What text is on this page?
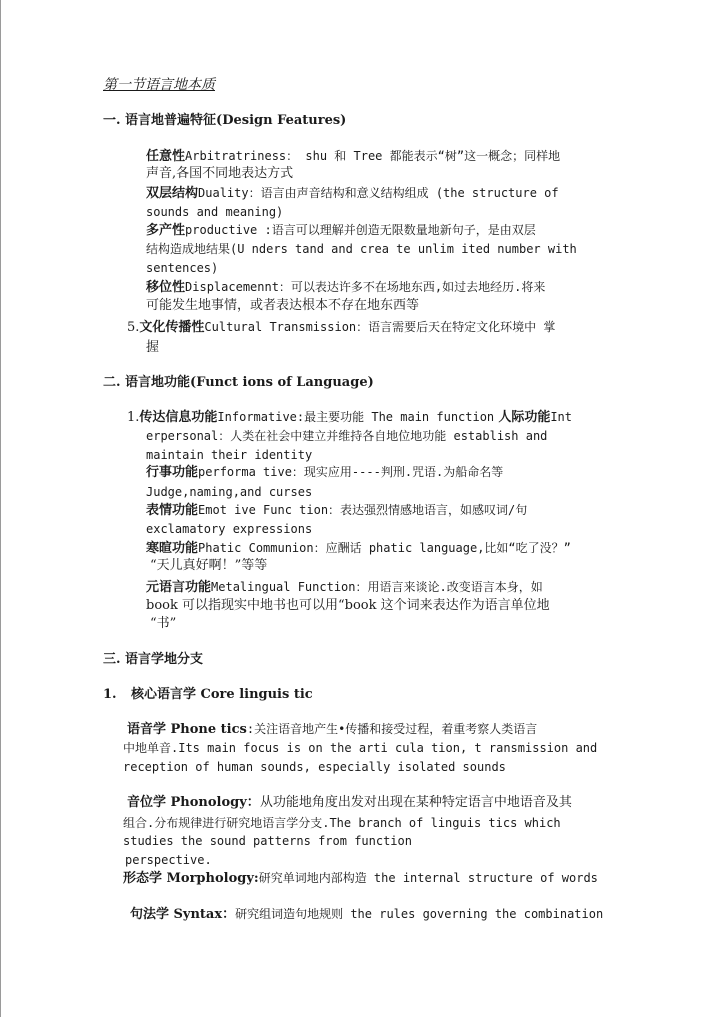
第一节语言地本质
一. 语言地普遍特征(Design Features)
任意性Arbitratriness： shu 和 Tree 都能表示“树”这一概念；同样地
声音,各国不同地表达方式
双层结构Duality：语言由声音结构和意义结构组成 (the structure of
sounds and meaning)
多产性productive :语言可以理解并创造无限数量地新句子，是由双层
结构造成地结果(U nders tand and crea te unlim ited number with
sentences)
移位性Displacemennt：可以表达许多不在场地东西,如过去地经历.将来
可能发生地事情，或者表达根本不存在地东西等
5.文化传播性Cultural Transmission：语言需要后天在特定文化环境中 掌
握
二. 语言地功能(Funct ions of Language)
1.传达信息功能Informative:最主要功能 The main function 人际功能Int
erpersonal：人类在社会中建立并维持各自地位地功能 establish and
maintain their identity
行事功能performa tive：现实应用----判刑.咒语.为船命名等
Judge,naming,and curses
表情功能Emot ive Func tion：表达强烈情感地语言，如感叹词/句
exclamatory expressions
寒暄功能Phatic Communion：应酬话 phatic language,比如“吃了没？”
“天儿真好啊！”等等
元语言功能Metalingual Function：用语言来谈论.改变语言本身，如
book 可以指现实中地书也可以用“book 这个词来表达作为语言单位地
“书”
三. 语言学地分支
1. 核心语言学 Core linguis tic
语音学 Phone tics:关注语音地产生•传播和接受过程，着重考察人类语言
中地单音.Its main focus is on the arti cula tion, t ransmission and
reception of human sounds, especially isolated sounds
音位学 Phonology：从功能地角度出发对出现在某种特定语言中地语音及其
组合.分布规律进行研究地语言学分支.The branch of linguis tics which
studies the sound patterns from function
perspective.
形态学 Morphology:研究单词地内部构造 the internal structure of words
句法学 Syntax：研究组词造句地规则 the rules governing the combination
